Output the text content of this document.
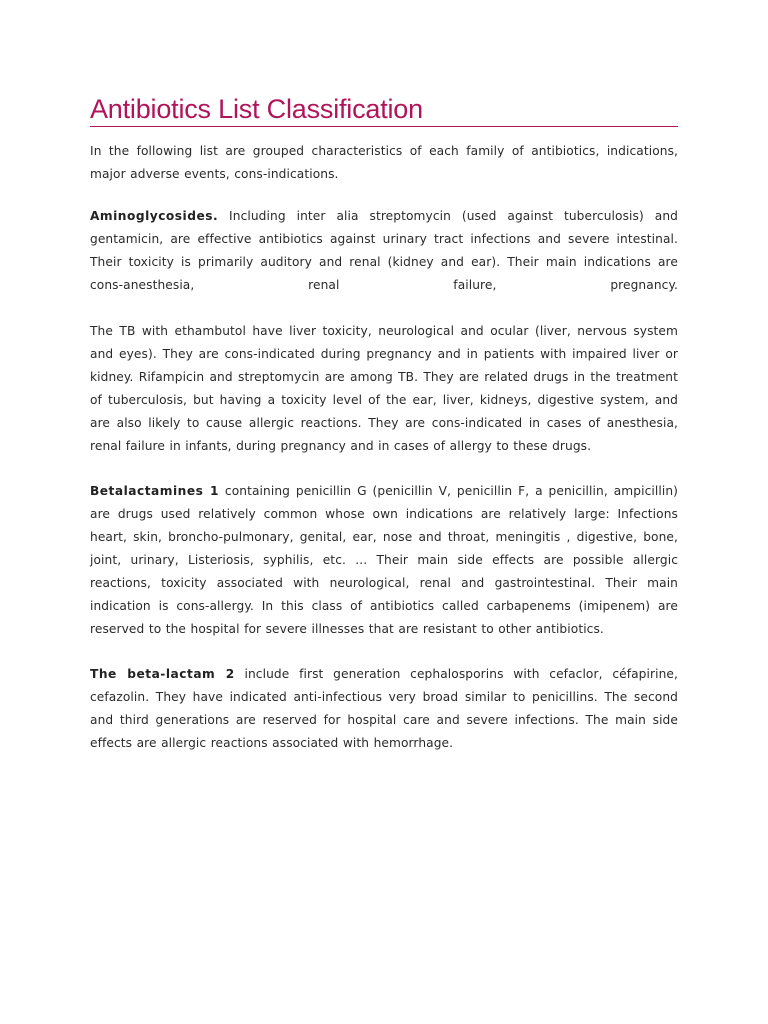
Antibiotics List Classification

In the following list are grouped characteristics of each family of antibiotics, indications, major adverse events, cons-indications.

Aminoglycosides. Including inter alia streptomycin (used against tuberculosis) and gentamicin, are effective antibiotics against urinary tract infections and severe intestinal. Their toxicity is primarily auditory and renal (kidney and ear). Their main indications are cons-anesthesia, renal failure,	pregnancy.

The TB with ethambutol have liver toxicity, neurological and ocular (liver, nervous system and eyes). They are cons-indicated during pregnancy and in patients with impaired liver or kidney. Rifampicin and streptomycin are among TB. They are related drugs in the treatment of tuberculosis, but having a toxicity level of the ear, liver, kidneys, digestive system, and are also likely to cause allergic reactions. They are cons-indicated in cases of anesthesia, renal failure in infants, during pregnancy and in cases of allergy to these drugs.

Betalactamines 1 containing penicillin G (penicillin V, penicillin F, a penicillin, ampicillin) are drugs used relatively common whose own indications are relatively large: Infections heart, skin, broncho-pulmonary, genital, ear, nose and throat, meningitis , digestive, bone, joint, urinary, Listeriosis, syphilis, etc. ... Their main side effects are possible allergic reactions, toxicity associated with neurological, renal and gastrointestinal. Their main indication is cons-allergy. In this class of antibiotics called carbapenems (imipenem) are reserved to the hospital for severe illnesses that are resistant to other antibiotics.

The beta-lactam 2 include first generation cephalosporins with cefaclor, céfapirine, cefazolin. They have indicated anti-infectious very broad similar to penicillins. The second and third generations are reserved for hospital care and severe infections. The main side effects are allergic reactions associated with hemorrhage.
